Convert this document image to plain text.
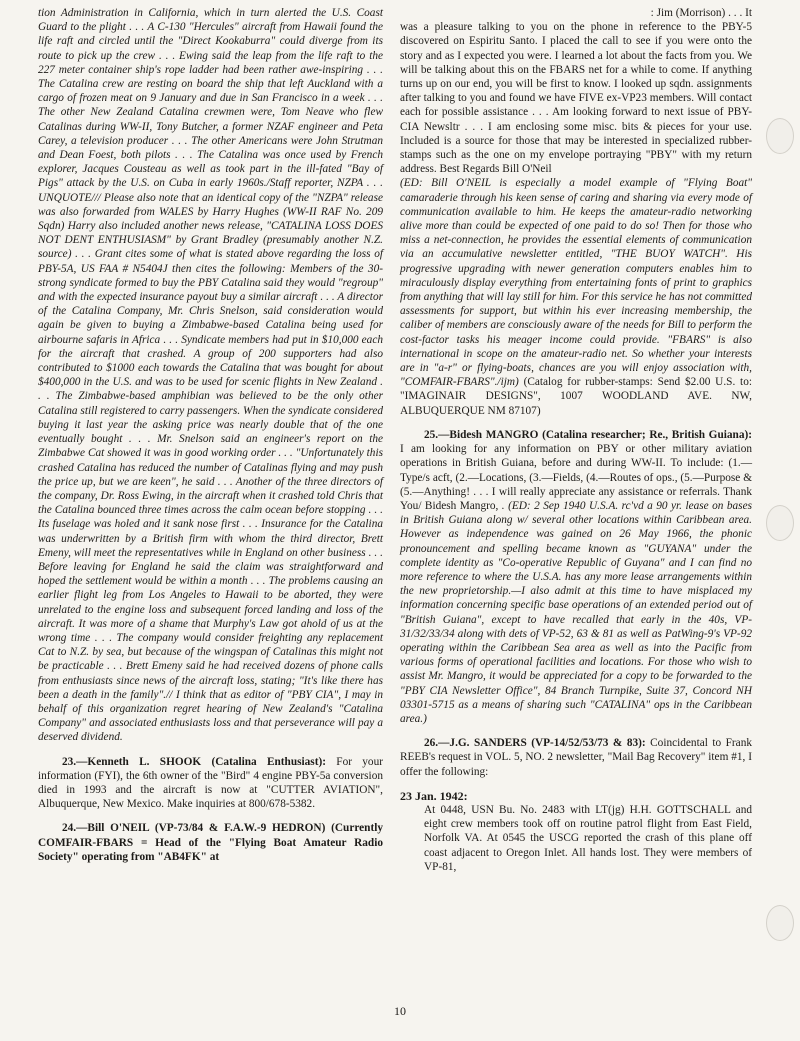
tion Administration in California, which in turn alerted the U.S. Coast Guard to the plight . . . A C-130 "Hercules" aircraft from Hawaii found the life raft and circled until the "Direct Kookaburra" could diverge from its route to pick up the crew . . . Ewing said the leap from the life raft to the 227 meter container ship's rope ladder had been rather awe-inspiring . . . The Catalina crew are resting on board the ship that left Auckland with a cargo of frozen meat on 9 January and due in San Francisco in a week . . . The other New Zealand Catalina crewmen were, Tom Neave who flew Catalinas during WW-II, Tony Butcher, a former NZAF engineer and Peta Carey, a television producer . . . The other Americans were John Strutman and Dean Foest, both pilots . . . The Catalina was once used by French explorer, Jacques Cousteau as well as took part in the ill-fated "Bay of Pigs" attack by the U.S. on Cuba in early 1960s./Staff reporter, NZPA . . . UNQUOTE/// Please also note that an identical copy of the "NZPA" release was also forwarded from WALES by Harry Hughes (WW-II RAF No. 209 Sqdn) Harry also included another news release, "CATALINA LOSS DOES NOT DENT ENTHUSIASM" by Grant Bradley (presumably another N.Z. source) . . . Grant cites some of what is stated above regarding the loss of PBY-5A, US FAA # N5404J then cites the following: Members of the 30-strong syndicate formed to buy the PBY Catalina said they would "regroup" and with the expected insurance payout buy a similar aircraft . . . A director of the Catalina Company, Mr. Chris Snelson, said consideration would again be given to buying a Zimbabwe-based Catalina being used for airbourne safaris in Africa . . . Syndicate members had put in $10,000 each for the aircraft that crashed. A group of 200 supporters had also contributed to $1000 each towards the Catalina that was bought for about $400,000 in the U.S. and was to be used for scenic flights in New Zealand . . . The Zimbabwe-based amphibian was believed to be the only other Catalina still registered to carry passengers. When the syndicate considered buying it last year the asking price was nearly double that of the one eventually bought . . . Mr. Snelson said an engineer's report on the Zimbabwe Cat showed it was in good working order . . . "Unfortunately this crashed Catalina has reduced the number of Catalinas flying and may push the price up, but we are keen", he said . . . Another of the three directors of the company, Dr. Ross Ewing, in the aircraft when it crashed told Chris that the Catalina bounced three times across the calm ocean before stopping . . . Its fuselage was holed and it sank nose first . . . Insurance for the Catalina was underwritten by a British firm with whom the third director, Brett Emeny, will meet the representatives while in England on other business . . . Before leaving for England he said the claim was straightforward and hoped the settlement would be within a month . . . The problems causing an earlier flight leg from Los Angeles to Hawaii to be aborted, they were unrelated to the engine loss and subsequent forced landing and loss of the aircraft. It was more of a shame that Murphy's Law got ahold of us at the wrong time . . . The company would consider freighting any replacement Cat to N.Z. by sea, but because of the wingspan of Catalinas this might not be practicable . . . Brett Emeny said he had received dozens of phone calls from enthusiasts since news of the aircraft loss, stating; "It's like there has been a death in the family".// I think that as editor of "PBY CIA", I may in behalf of this organization regret hearing of New Zealand's "Catalina Company" and associated enthusiasts loss and that perseverance will pay a deserved dividend.

23.—Kenneth L. SHOOK (Catalina Enthusiast): For your information (FYI), the 6th owner of the "Bird" 4 engine PBY-5a conversion died in 1993 and the aircraft is now at "CUTTER AVIATION", Albuquerque, New Mexico. Make inquiries at 800/678-5382.

24.—Bill O'NEIL (VP-73/84 & F.A.W.-9 HEDRON) (Currently COMFAIR-FBARS = Head of the "Flying Boat Amateur Radio Society" operating from "AB4FK" at

: Jim (Morrison) . . . It

was a pleasure talking to you on the phone in reference to the PBY-5 discovered on Espiritu Santo. I placed the call to see if you were onto the story and as I expected you were. I learned a lot about the facts from you. We will be talking about this on the FBARS net for a while to come. If anything turns up on our end, you will be first to know. I looked up sqdn. assignments after talking to you and found we have FIVE ex-VP23 members. Will contact each for possible assistance . . . Am looking forward to next issue of PBY-CIA Newsltr . . . I am enclosing some misc. bits & pieces for your use. Included is a source for those that may be interested in specialized rubber-stamps such as the one on my envelope portraying "PBY" with my return address. Best Regards Bill O'Neil

(ED: Bill O'NEIL is especially a model example of "Flying Boat" camaraderie through his keen sense of caring and sharing via every mode of communication available to him. He keeps the amateur-radio networking alive more than could be expected of one paid to do so! Then for those who miss a net-connection, he provides the essential elements of communication via an accumulative newsletter entitled, "THE BUOY WATCH". His progressive upgrading with newer generation computers enables him to miraculously display everything from entertaining fonts of print to graphics from anything that will lay still for him. For this service he has not committed assessments for support, but within his ever increasing membership, the caliber of members are consciously aware of the needs for Bill to perform the cost-factor tasks his meager income could provide. "FBARS" is also international in scope on the amateur-radio net. So whether your interests are in "a-r" or flying-boats, chances are you will enjoy association with, "COMFAIR-FBARS"./ijm) (Catalog for rubber-stamps: Send $2.00 U.S. to: "IMAGINAIR DESIGNS", 1007 WOODLAND AVE. NW, ALBUQUERQUE NM 87107)

25.—Bidesh MANGRO (Catalina researcher; Re., British Guiana): I am looking for any information on PBY or other military aviation operations in British Guiana, before and during WW-II. To include: (1.—Type/s acft, (2.—Locations, (3.—Fields, (4.—Routes of ops., (5.—Purpose & (5.—Anything! . . . I will really appreciate any assistance or referrals. Thank You/ Bidesh Mangro, . (ED: 2 Sep 1940 U.S.A. rc'vd a 90 yr. lease on bases in British Guiana along w/ several other locations within Caribbean area. However as independence was gained on 26 May 1966, the phonic pronouncement and spelling became known as "GUYANA" under the complete identity as "Co-operative Republic of Guyana" and I can find no more reference to where the U.S.A. has any more lease arrangements within the new proprietorship.—I also admit at this time to have misplaced my information concerning specific base operations of an extended period out of "British Guiana", except to have recalled that early in the 40s, VP-31/32/33/34 along with dets of VP-52, 63 & 81 as well as PatWing-9's VP-92 operating within the Caribbean Sea area as well as into the Pacific from various forms of operational facilities and locations. For those who wish to assist Mr. Mangro, it would be appreciated for a copy to be forwarded to the "PBY CIA Newsletter Office", 84 Branch Turnpike, Suite 37, Concord NH 03301-5715 as a means of sharing such "CATALINA" ops in the Caribbean area.)

26.—J.G. SANDERS (VP-14/52/53/73 & 83): Coincidental to Frank REEB's request in VOL. 5, NO. 2 newsletter, "Mail Bag Recovery" item #1, I offer the following:

23 Jan. 1942:

At 0448, USN Bu. No. 2483 with LT(jg) H.H. GOTTSCHALL and eight crew members took off on routine patrol flight from East Field, Norfolk VA. At 0545 the USCG reported the crash of this plane off coast adjacent to Oregon Inlet. All hands lost. They were members of VP-81,

10
